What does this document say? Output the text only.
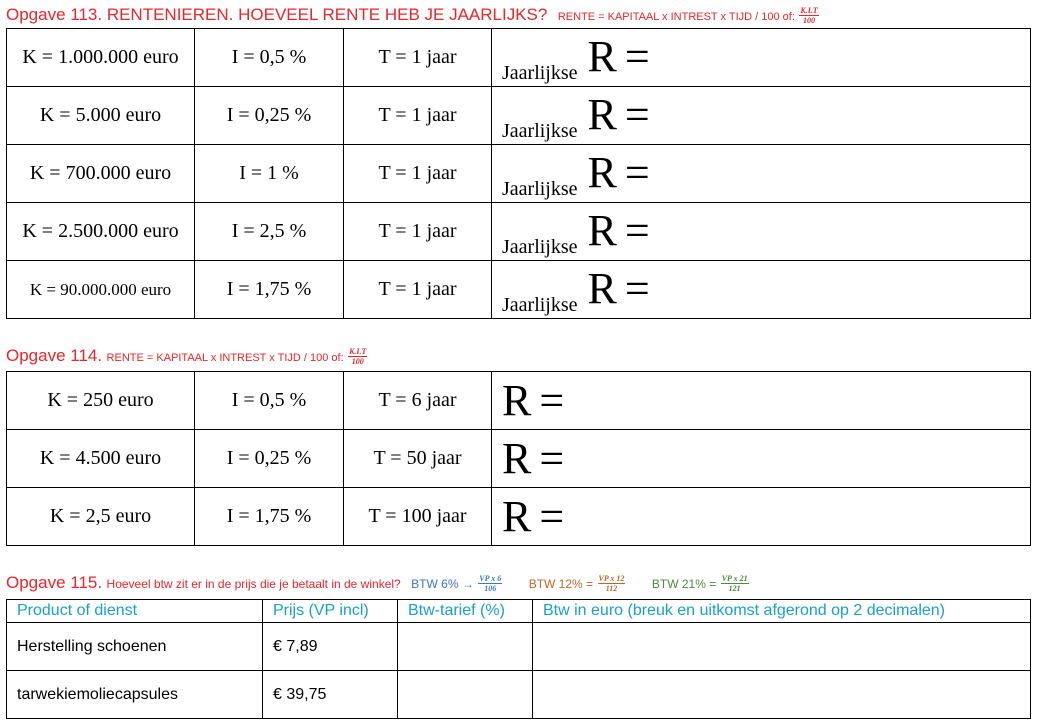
Opgave 113. RENTENIEREN. HOEVEEL RENTE HEB JE JAARLIJKS? RENTE = KAPITAAL x INTREST x TIJD / 100 of: $\frac{K.I.T}{100}$
K = 1.000.000 euro	I = 0,5 %	T = 1 jaar	Jaarlijkse R =
K = 5.000 euro	I = 0,25 %	T = 1 jaar	Jaarlijkse R =
K = 700.000 euro	I = 1 %	T = 1 jaar	Jaarlijkse R =
K = 2.500.000 euro	I = 2,5 %	T = 1 jaar	Jaarlijkse R =
K = 90.000.000 euro	I = 1,75 %	T = 1 jaar	Jaarlijkse R =
Opgave 114. RENTE = KAPITAAL x INTREST x TIJD / 100 of: $\frac{K.I.T}{100}$
K = 250 euro	I = 0,5 %	T = 6 jaar	R =
K = 4.500 euro	I = 0,25 %	T = 50 jaar	R =
K = 2,5 euro	I = 1,75 %	T = 100 jaar	R =
Opgave 115. Hoeveel btw zit er in de prijs die je betaalt in de winkel? BTW $6\% \to \frac{\text{VP x 6}}{106}$ BTW $12\% = \frac{\text{VP x 12}}{112}$ BTW $21\% = \frac{\text{VP x 21}}{121}$
Product of dienst	Prijs (VP incl)	Btw-tarief (%)	Btw in euro (breuk en uitkomst afgerond op 2 decimalen)
Herstelling schoenen	€ 7,89		
tarwekiemoliecapsules	€ 39,75		
